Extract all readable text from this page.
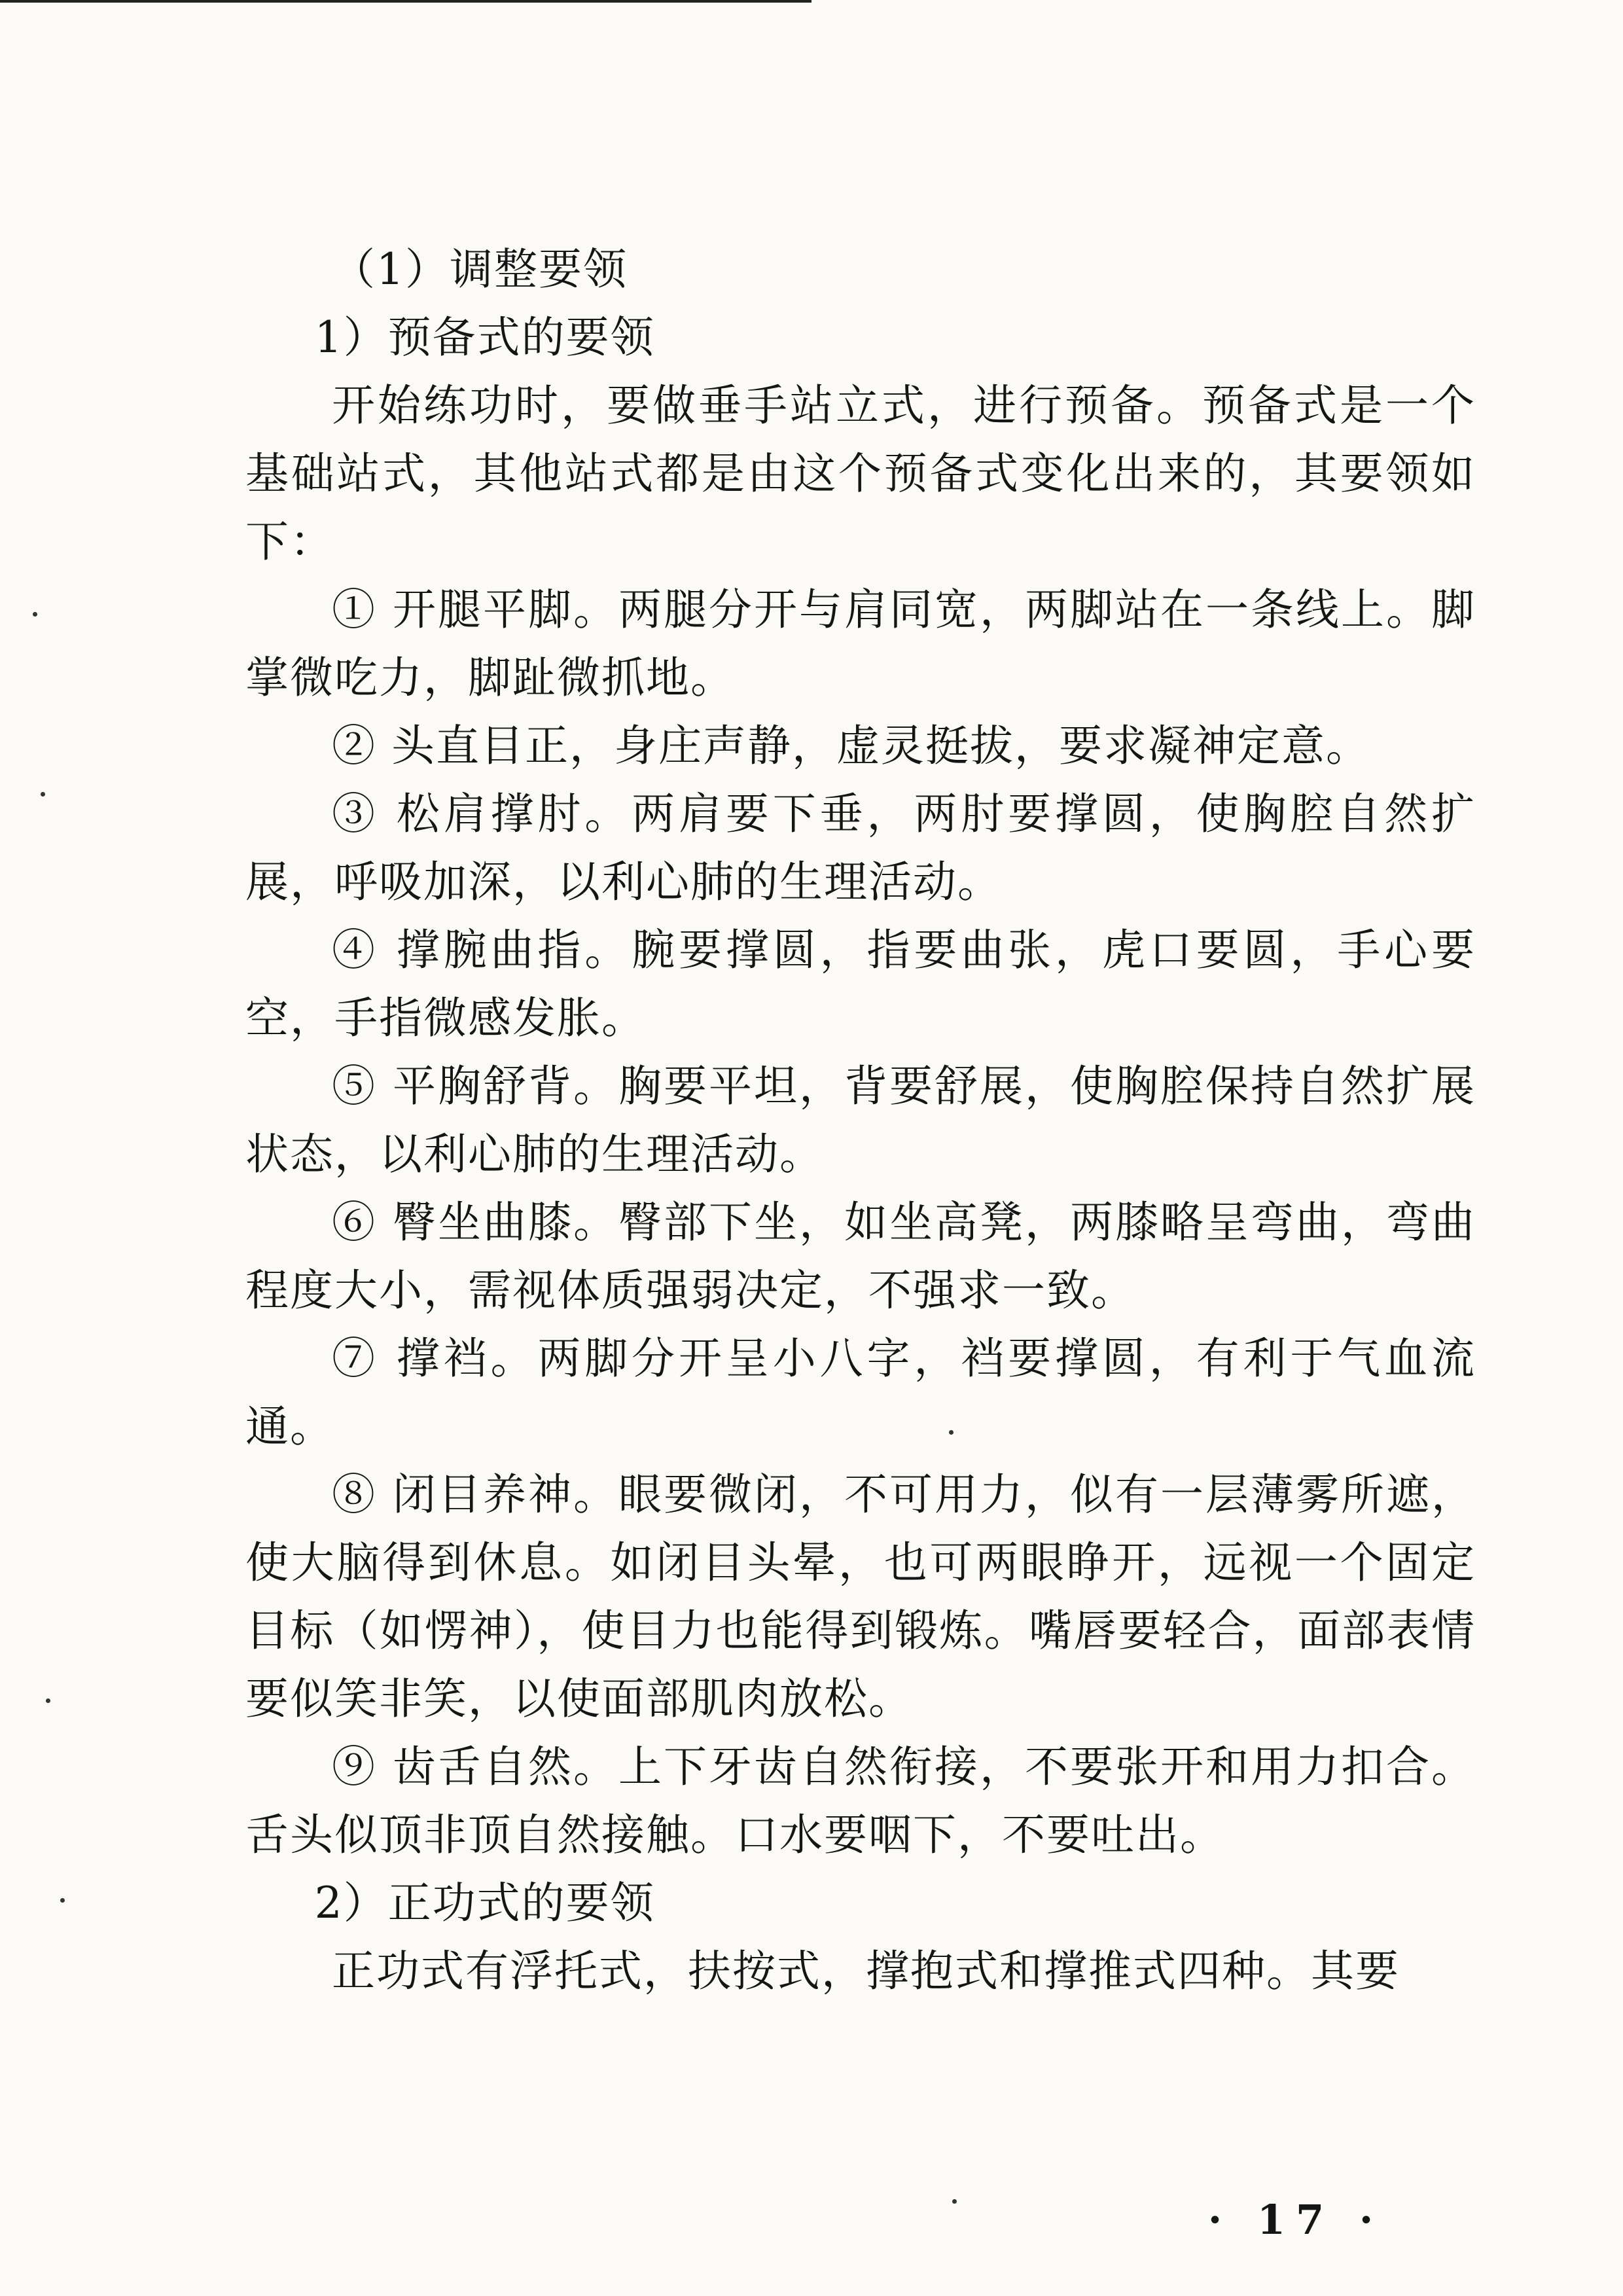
（1）调整要领

1）预备式的要领

开始练功时，要做垂手站立式，进行预备。预备式是一个基础站式，其他站式都是由这个预备式变化出来的，其要领如下：

① 开腿平脚。两腿分开与肩同宽，两脚站在一条线上。脚掌微吃力，脚趾微抓地。

② 头直目正，身庄声静，虚灵挺拔，要求凝神定意。

③ 松肩撑肘。两肩要下垂，两肘要撑圆，使胸腔自然扩展，呼吸加深，以利心肺的生理活动。

④ 撑腕曲指。腕要撑圆，指要曲张，虎口要圆，手心要空，手指微感发胀。

⑤ 平胸舒背。胸要平坦，背要舒展，使胸腔保持自然扩展状态，以利心肺的生理活动。

⑥ 臀坐曲膝。臀部下坐，如坐高凳，两膝略呈弯曲，弯曲程度大小，需视体质强弱决定，不强求一致。

⑦ 撑裆。两脚分开呈小八字，裆要撑圆，有利于气血流通。

⑧ 闭目养神。眼要微闭，不可用力，似有一层薄雾所遮，使大脑得到休息。如闭目头晕，也可两眼睁开，远视一个固定目标（如愣神），使目力也能得到锻炼。嘴唇要轻合，面部表情要似笑非笑，以使面部肌肉放松。

⑨ 齿舌自然。上下牙齿自然衔接，不要张开和用力扣合。舌头似顶非顶自然接触。口水要咽下，不要吐出。

2）正功式的要领

正功式有浮托式，扶按式，撑抱式和撑推式四种。其要

· 17 ·
